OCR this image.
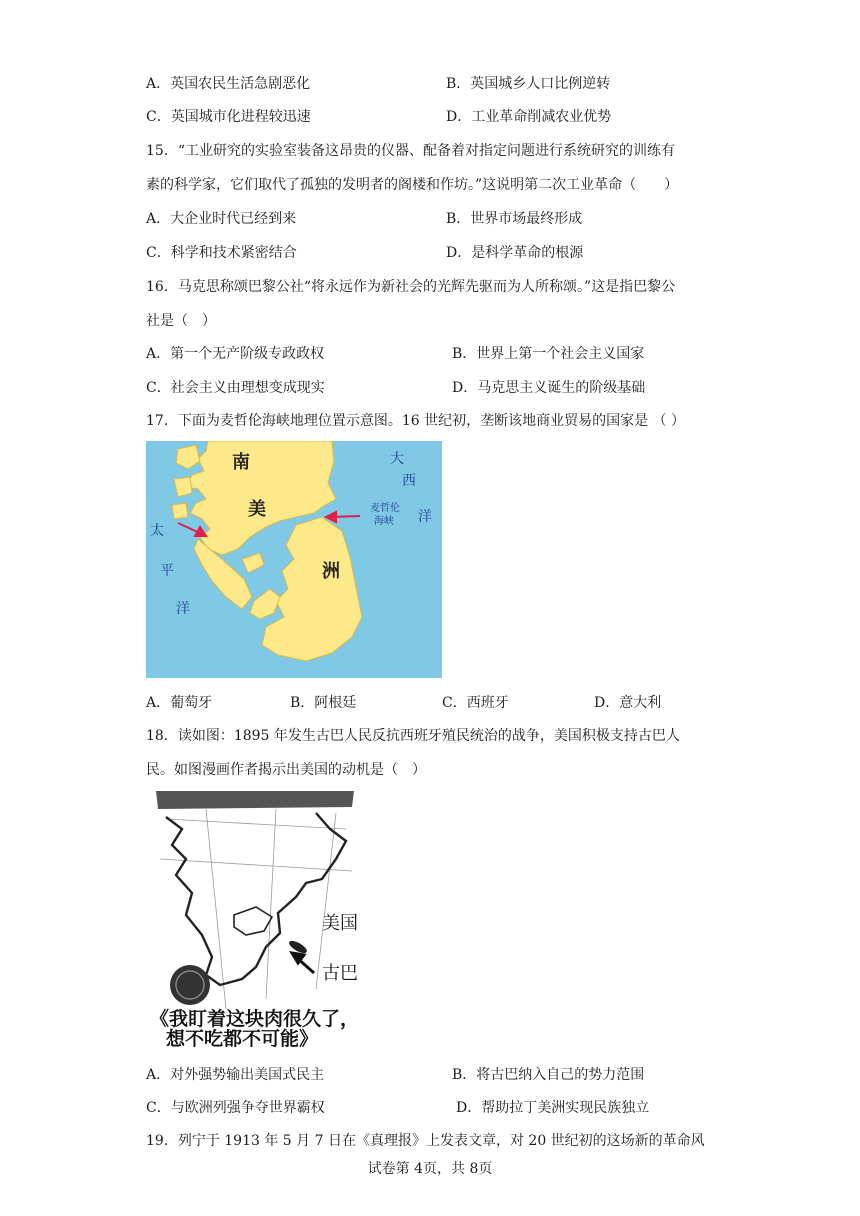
A．英国农民生活急剧恶化	B．英国城乡人口比例逆转
C．英国城市化进程较迅速	D．工业革命削减农业优势
15．“工业研究的实验室装备这昂贵的仪器、配备着对指定问题进行系统研究的训练有
素的科学家，它们取代了孤独的发明者的阁楼和作坊。”这说明第二次工业革命（　　）
A．大企业时代已经到来	B．世界市场最终形成
C．科学和技术紧密结合	D．是科学革命的根源
16．马克思称颂巴黎公社“将永远作为新社会的光辉先驱而为人所称颂。”这是指巴黎公
社是（　）
A．第一个无产阶级专政政权	B．世界上第一个社会主义国家
C．社会主义由理想变成现实	D．马克思主义诞生的阶级基础
17．下面为麦哲伦海峡地理位置示意图。16 世纪初，垄断该地商业贸易的国家是 （ ）
南
美
洲
大
西
洋
麦哲伦
海峡
太
平
洋
A．葡萄牙	B．阿根廷	C．西班牙	D．意大利
18．读如图：1895 年发生古巴人民反抗西班牙殖民统治的战争，美国积极支持古巴人
民。如图漫画作者揭示出美国的动机是（　）
美国
古巴
《我盯着这块肉很久了，
想不吃都不可能》
A．对外强势输出美国式民主	B．将古巴纳入自己的势力范围
C．与欧洲列强争夺世界霸权	D．帮助拉丁美洲实现民族独立
19．列宁于 1913 年 5 月 7 日在《真理报》上发表文章，对 20 世纪初的这场新的革命风
试卷第 4页，共 8页
